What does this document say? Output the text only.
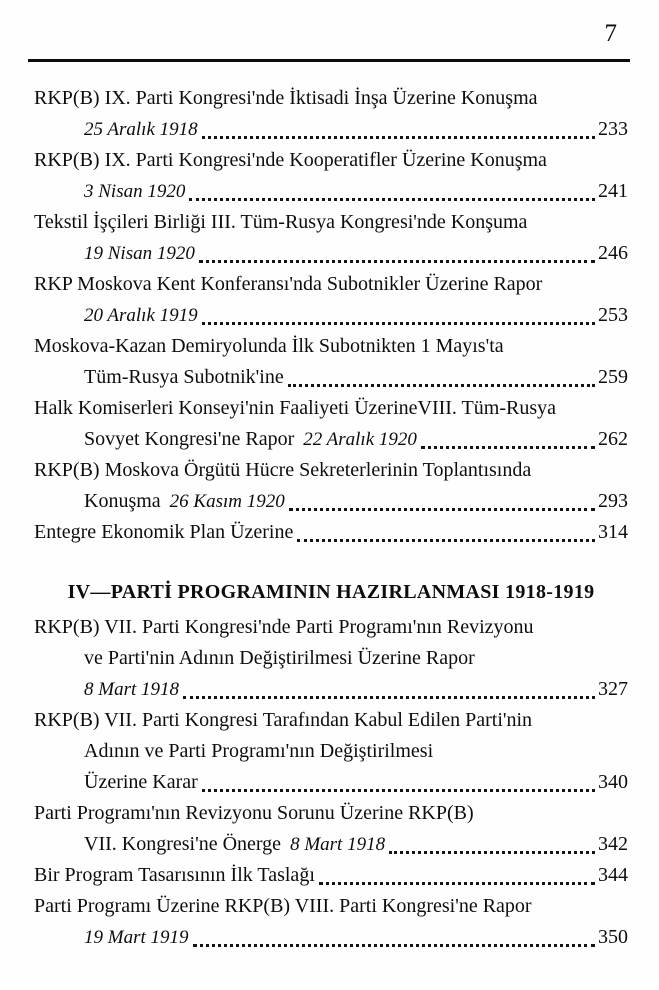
7
RKP(B) IX. Parti Kongresi'nde İktisadi İnşa Üzerine Konuşma
25 Aralık 1918	233
RKP(B) IX. Parti Kongresi'nde Kooperatifler Üzerine Konuşma
3 Nisan 1920	241
Tekstil İşçileri Birliği III. Tüm-Rusya Kongresi'nde Konşuma
19 Nisan 1920	246
RKP Moskova Kent Konferansı'nda Subotnikler Üzerine Rapor
20 Aralık 1919	253
Moskova-Kazan Demiryolunda İlk Subotnikten 1 Mayıs'ta
Tüm-Rusya Subotnik'ine	259
Halk Komiserleri Konseyi'nin Faaliyeti ÜzerineVIII. Tüm-Rusya
Sovyet Kongresi'ne Rapor 22 Aralık 1920	262
RKP(B) Moskova Örgütü Hücre Sekreterlerinin Toplantısında
Konuşma 26 Kasım 1920	293
Entegre Ekonomik Plan Üzerine	314
IV—PARTİ PROGRAMININ HAZIRLANMASI 1918-1919
RKP(B) VII. Parti Kongresi'nde Parti Programı'nın Revizyonu
ve Parti'nin Adının Değiştirilmesi Üzerine Rapor
8 Mart 1918	327
RKP(B) VII. Parti Kongresi Tarafından Kabul Edilen Parti'nin
Adının ve Parti Programı'nın Değiştirilmesi
Üzerine Karar	340
Parti Programı'nın Revizyonu Sorunu Üzerine RKP(B)
VII. Kongresi'ne Önerge 8 Mart 1918	342
Bir Program Tasarısının İlk Taslağı	344
Parti Programı Üzerine RKP(B) VIII. Parti Kongresi'ne Rapor
19 Mart 1919	350
